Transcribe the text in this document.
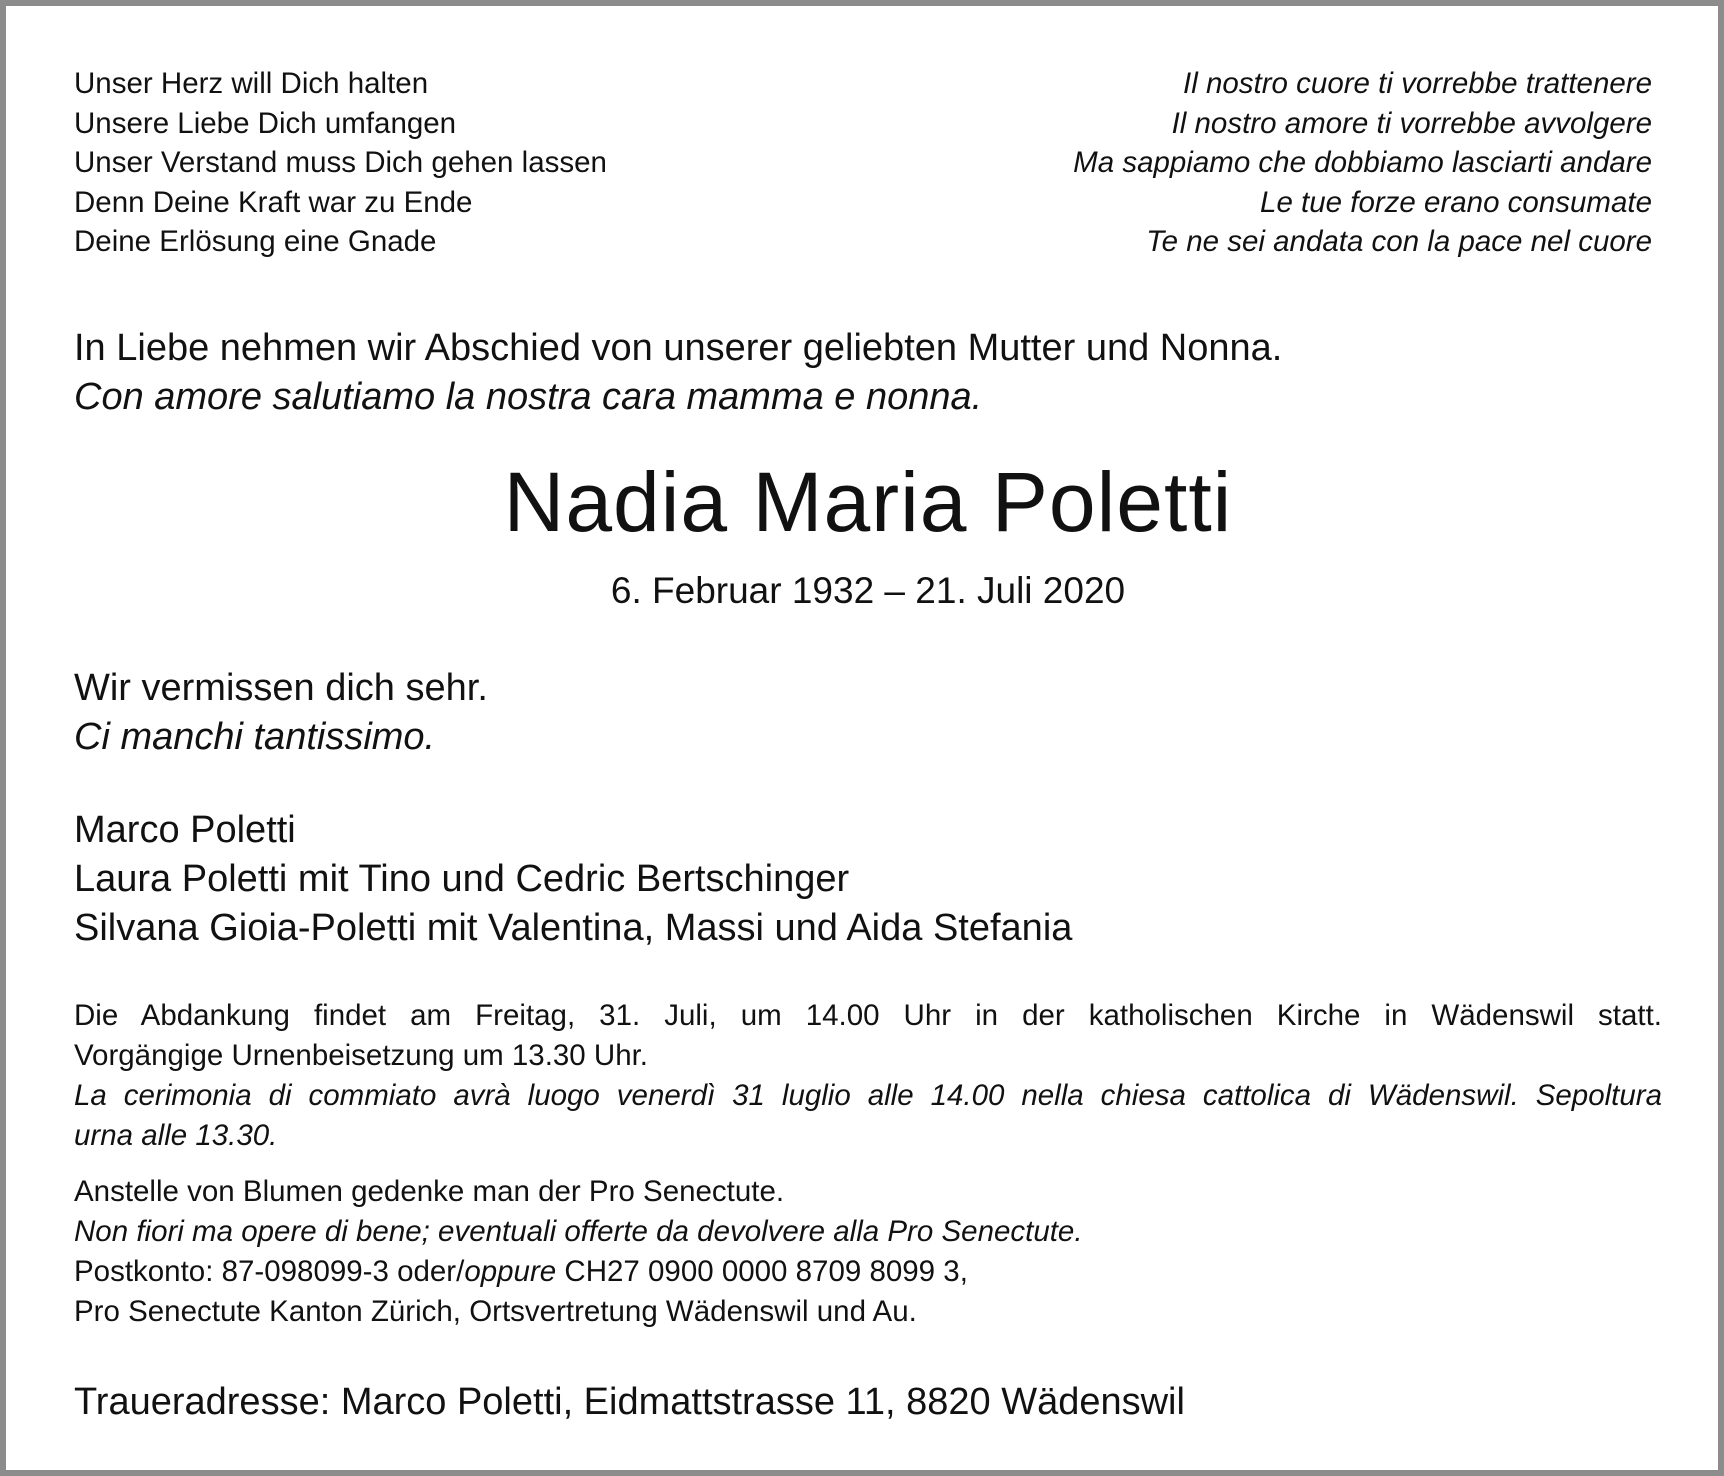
Unser Herz will Dich halten
Unsere Liebe Dich umfangen
Unser Verstand muss Dich gehen lassen
Denn Deine Kraft war zu Ende
Deine Erlösung eine Gnade
Il nostro cuore ti vorrebbe trattenere
Il nostro amore ti vorrebbe avvolgere
Ma sappiamo che dobbiamo lasciarti andare
Le tue forze erano consumate
Te ne sei andata con la pace nel cuore
In Liebe nehmen wir Abschied von unserer geliebten Mutter und Nonna.
Con amore salutiamo la nostra cara mamma e nonna.
Nadia Maria Poletti
6. Februar 1932 – 21. Juli 2020
Wir vermissen dich sehr.
Ci manchi tantissimo.
Marco Poletti
Laura Poletti mit Tino und Cedric Bertschinger
Silvana Gioia-Poletti mit Valentina, Massi und Aida Stefania
Die Abdankung findet am Freitag, 31. Juli, um 14.00 Uhr in der katholischen Kirche in Wädenswil statt.
Vorgängige Urnenbeisetzung um 13.30 Uhr.
La cerimonia di commiato avrà luogo venerdì 31 luglio alle 14.00 nella chiesa cattolica di Wädenswil. Sepoltura
urna alle 13.30.
Anstelle von Blumen gedenke man der Pro Senectute.
Non fiori ma opere di bene; eventuali offerte da devolvere alla Pro Senectute.
Postkonto: 87-098099-3 oder/oppure CH27 0900 0000 8709 8099 3,
Pro Senectute Kanton Zürich, Ortsvertretung Wädenswil und Au.
Traueradresse: Marco Poletti, Eidmattstrasse 11, 8820 Wädenswil
